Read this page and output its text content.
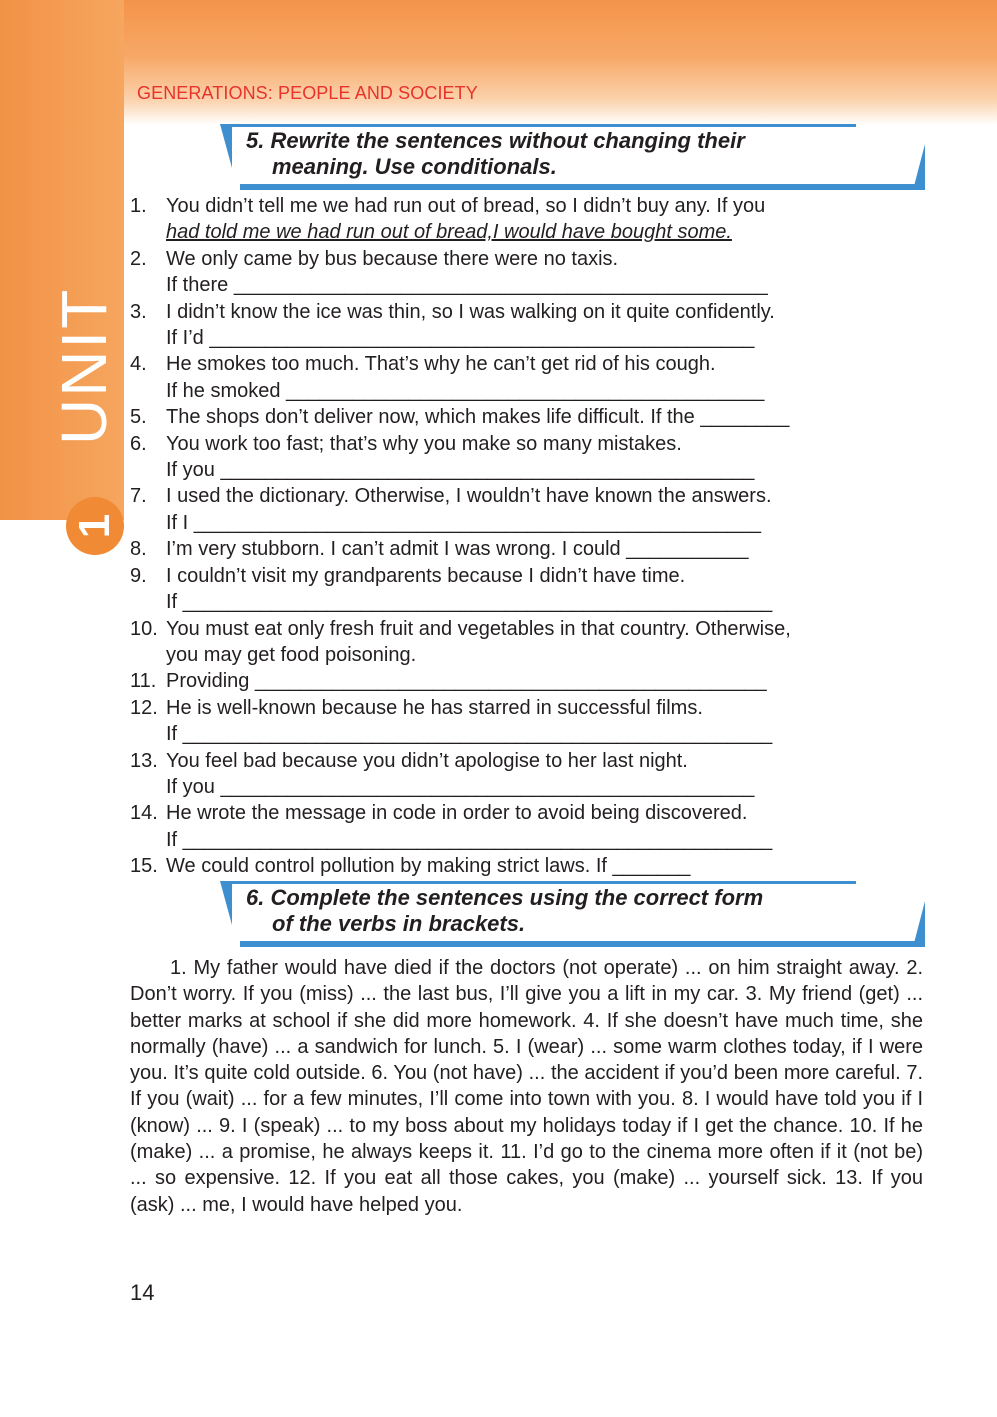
GENERATIONS: PEOPLE AND SOCIETY
UNIT
1
5. Rewrite the sentences without changing their
meaning. Use conditionals.
1. You didn’t tell me we had run out of bread, so I didn’t buy any. If you
had told me we had run out of bread,I would have bought some.
2. We only came by bus because there were no taxis.
If there ________________________________________________
3. I didn’t know the ice was thin, so I was walking on it quite confidently.
If I’d _________________________________________________
4. He smokes too much. That’s why he can’t get rid of his cough.
If he smoked ___________________________________________
5. The shops don’t deliver now, which makes life difficult. If the ________
6. You work too fast; that’s why you make so many mistakes.
If you ________________________________________________
7. I used the dictionary. Otherwise, I wouldn’t have known the answers.
If I ___________________________________________________
8. I’m very stubborn. I can’t admit I was wrong. I could ___________
9. I couldn’t visit my grandparents because I didn’t have time.
If _____________________________________________________
10. You must eat only fresh fruit and vegetables in that country. Otherwise,
you may get food poisoning.
11. Providing ______________________________________________
12. He is well-known because he has starred in successful films.
If _____________________________________________________
13. You feel bad because you didn’t apologise to her last night.
If you ________________________________________________
14. He wrote the message in code in order to avoid being discovered.
If _____________________________________________________
15. We could control pollution by making strict laws. If _______
6. Complete the sentences using the correct form
of the verbs in brackets.
1. My father would have died if the doctors (not operate) ... on him straight away. 2. Don’t worry. If you (miss) ... the last bus, I’ll give you a lift in my car. 3. My friend (get) ... better marks at school if she did more homework. 4. If she doesn’t have much time, she normally (have) ... a sandwich for lunch. 5. I (wear) ... some warm clothes today, if I were you. It’s quite cold outside. 6. You (not have) ... the accident if you’d been more careful. 7. If you (wait) ... for a few minutes, I’ll come into town with you. 8. I would have told you if I (know) ... 9. I (speak) ... to my boss about my holidays today if I get the chance. 10. If he (make) ... a promise, he always keeps it. 11. I’d go to the cinema more often if it (not be) ... so expensive. 12. If you eat all those cakes, you (make) ... yourself sick. 13. If you (ask) ... me, I would have helped you.
14
